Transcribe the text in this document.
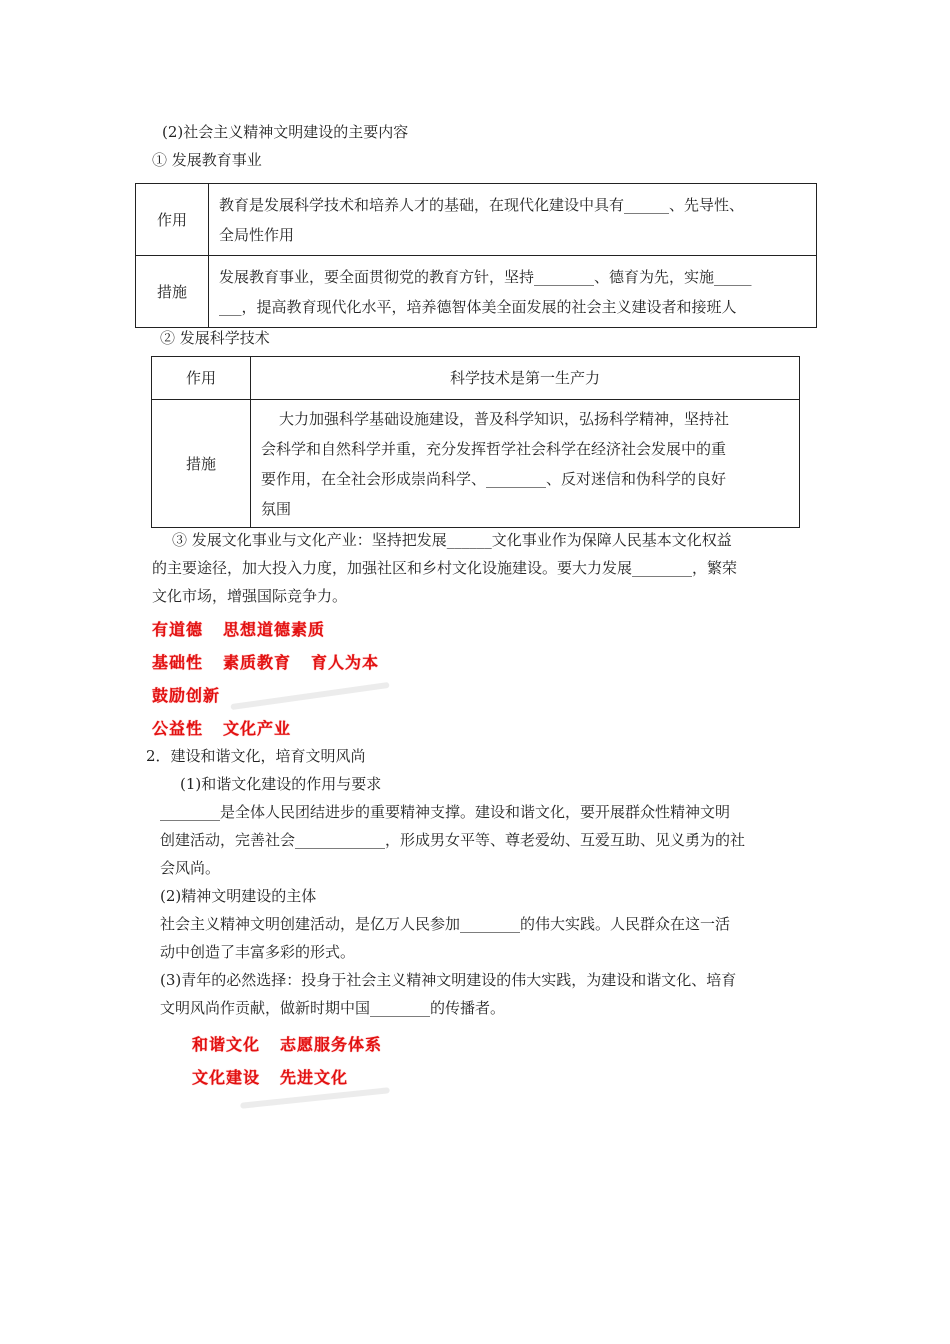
(2)社会主义精神文明建设的主要内容
① 发展教育事业
作用	教育是发展科学技术和培养人才的基础，在现代化建设中具有______、先导性、
全局性作用

措施	发展教育事业，要全面贯彻党的教育方针，坚持________、德育为先，实施_____
___，提高教育现代化水平，培养德智体美全面发展的社会主义建设者和接班人
② 发展科学技术
作用	科学技术是第一生产力
措施	大力加强科学基础设施建设，普及科学知识，弘扬科学精神，坚持社
会科学和自然科学并重，充分发挥哲学社会科学在经济社会发展中的重
要作用，在全社会形成崇尚科学、________、反对迷信和伪科学的良好
氛围
③ 发展文化事业与文化产业：坚持把发展______文化事业作为保障人民基本文化权益
的主要途径，加大投入力度，加强社区和乡村文化设施建设。要大力发展________，繁荣
文化市场，增强国际竞争力。
有道德 思想道德素质
基础性 素质教育 育人为本
鼓励创新
公益性 文化产业
2．建设和谐文化，培育文明风尚
(1)和谐文化建设的作用与要求
________是全体人民团结进步的重要精神支撑。建设和谐文化，要开展群众性精神文明
创建活动，完善社会____________，形成男女平等、尊老爱幼、互爱互助、见义勇为的社
会风尚。
(2)精神文明建设的主体
社会主义精神文明创建活动，是亿万人民参加________的伟大实践。人民群众在这一活
动中创造了丰富多彩的形式。
(3)青年的必然选择：投身于社会主义精神文明建设的伟大实践，为建设和谐文化、培育
文明风尚作贡献，做新时期中国________的传播者。
和谐文化 志愿服务体系
文化建设 先进文化
